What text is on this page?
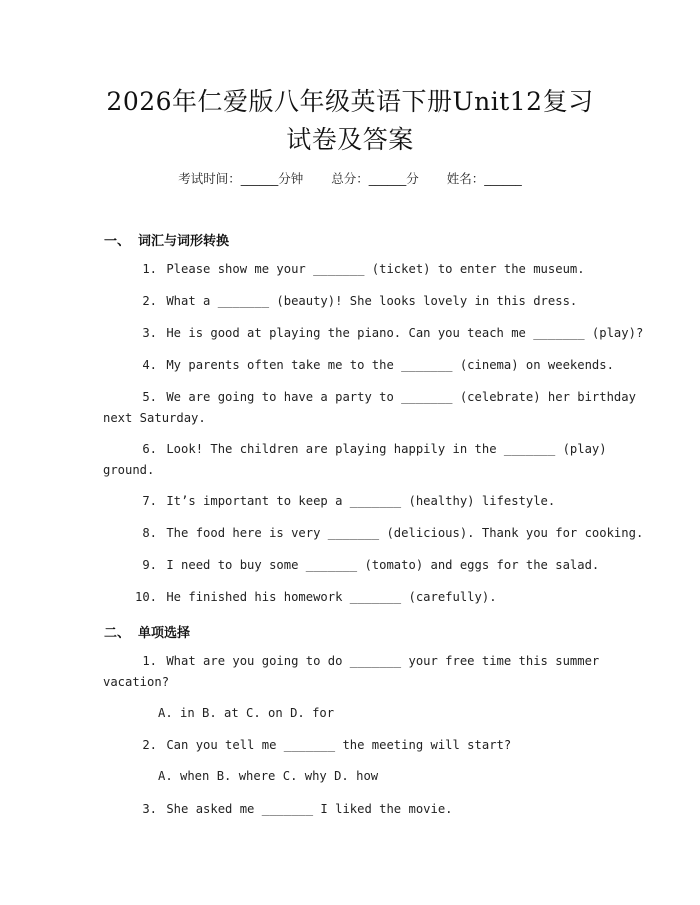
2026年仁爱版八年级英语下册Unit12复习
试卷及答案
考试时间：______分钟 总分：______分 姓名：______
一、 词汇与词形转换
1. Please show me your _______ (ticket) to enter the museum.
2. What a _______ (beauty)! She looks lovely in this dress.
3. He is good at playing the piano. Can you teach me _______ (play)?
4. My parents often take me to the _______ (cinema) on weekends.
5. We are going to have a party to _______ (celebrate) her birthday
next Saturday.
6. Look! The children are playing happily in the _______ (play)
ground.
7. It’s important to keep a _______ (healthy) lifestyle.
8. The food here is very _______ (delicious). Thank you for cooking.
9. I need to buy some _______ (tomato) and eggs for the salad.
10. He finished his homework _______ (carefully).
二、 单项选择
1. What are you going to do _______ your free time this summer
vacation?
A. in B. at C. on D. for
2. Can you tell me _______ the meeting will start?
A. when B. where C. why D. how
3. She asked me _______ I liked the movie.
